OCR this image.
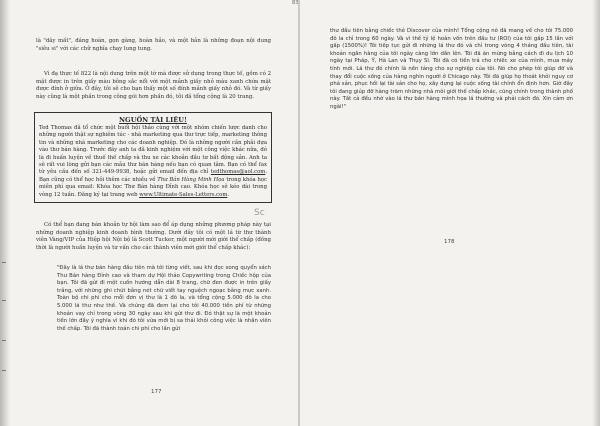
83

là "dây mất", đáng hoàn, gọn gàng, hoàn hảo, và một bản là những đoạn nội dung "siêu si" với các chữ nghĩa chạy lung tung.

Vì đạ thực tế 822 là nội dung trên một tờ mà được sử dụng trong thực tế, gồm có 2 mặt được in trên giấy màu bông sắc nổi với một mảnh giấy nhỏ màu xanh chứa mật được đính ở giữa. Ở đây, tôi sẽ cho bạn thấy một số đính mảnh giấy nhỏ đó. Và từ giấy này cũng là một phần trong công gói hơn phần đó, tôi đã tổng cộng là 20 trang.

NGUỒN TÀI LIỆU!
Ted Thomas đã tổ chức một buổi hội thảo cùng với một nhóm chiến lược danh cho những người thật sự nghiêm túc - nhà marketing qua thư trực tiếp, marketing thông tin và những nhà marketing cho các doanh nghiệp. Đó là những người cần phải dựa vào thư bán hàng. Trước đây anh ta đã kinh nghiệm với một công việc khác nữa, đó là đi huấn luyện về thuế thế chấp và thu xe các khoản đầu tư bất động sản. Anh ta sẽ rất vui lòng gửi bạn các mẫu thư bán hàng nếu bạn có quan tâm. Bạn có thể fax từ yêu cầu đến số 321-449-9938, hoặc gửi email đến địa chỉ tedthomas@aol.com. Bạn cũng có thể học hỏi thêm các nhiều về Thư Bán Hàng Minh Họa trong khóa học miễn phí qua email: Khóa học Thư Bán hàng Đỉnh cao. Khóa học sẽ kéo dài trong vòng 12 tuần. Đăng ký tại trang web www.Ultimate-Sales-Letters.com.
Sc

Có thể bạn đang bán khoản tự hội làm sao để áp dụng những phương pháp này tại những doanh nghiệp kinh doanh bình thường. Dưới đây tôi có một lá từ thư thành viên Vàng/VIP của Hiệp hội Nội bộ là Scott Tucker, một người mới giới thể chấp (đồng thời là người huấn luyện và tư vấn cho các thành viên mới giới thể chấp khác):

"Đây là lá thư bán hàng đầu tiên mà tôi từng viết, sau khi đọc xong quyển sách Thư Bán hàng Đỉnh cao và tham dự Hội thảo Copywriting trong Chiếc hộp của bạn. Tôi đã gửi đi một cuốn hướng dẫn dài 8 trang, chữ đen được in trên giấy trắng, với những ghi chút bằng nét chữ viết tay nguệch ngoạc bằng mực xanh. Toàn bộ chi phí cho mỗi đơn vị thư là 1 đô la, và tổng cộng 5.000 đô la cho 5.000 lá thư như thế. Và chúng đã đem lại cho tôi 40.000 tiền phí từ những khoản vay chỉ trong vòng 30 ngày sau khi gửi thư đi. Đó thật sự là một khoản tiền lớn đầy ý nghĩa vì khi đó tôi vừa mới bị sa thải khỏi công việc là nhân viên thế chấp. Tôi đã thành toán chi phí cho lần gửi

177

thư đầu tiên bằng chiếc thẻ Discover của mình! Tổng cộng nó đã mang về cho tôi 75.000 đô la chỉ trong 60 ngày. Và vì thế tỷ lệ hoàn vốn trên đầu tư (ROI) của tôi gấp 15 lần với gấp (1500%)! Tôi tiếp tục gửi đi những lá thư đó và chỉ trong vòng 4 tháng đầu tiên, tài khoản ngân hàng của tôi ngày càng lớn dần lên. Tôi đã ăn mừng bằng cách đi du lịch 10 ngày tại Pháp, Ý, Hà Lan và Thụy Sĩ. Tôi đã có tiền trả cho chiếc xe của mình, mua máy tính mới. Lá thư đó chính là nền tảng cho sự nghiệp của tôi. Nó cho phép tôi giúp đỡ và thay đổi cuộc sống của hàng nghìn người ở Chicago này. Tôi đã giúp họ thoát khỏi nguy cơ phá sản, phục hồi lại tài sản cho họ, xây dựng lại cuộc sống tài chính ổn định hơn. Giờ đây tôi đang giúp đỡ hàng trăm những nhà môi giới thế chấp khác, cũng chính trong thành phố này. Tất cả đều nhờ vào lá thư bán hàng mình họa lá thường và phải cách đó. Xin cảm ơn ngài!"

178
